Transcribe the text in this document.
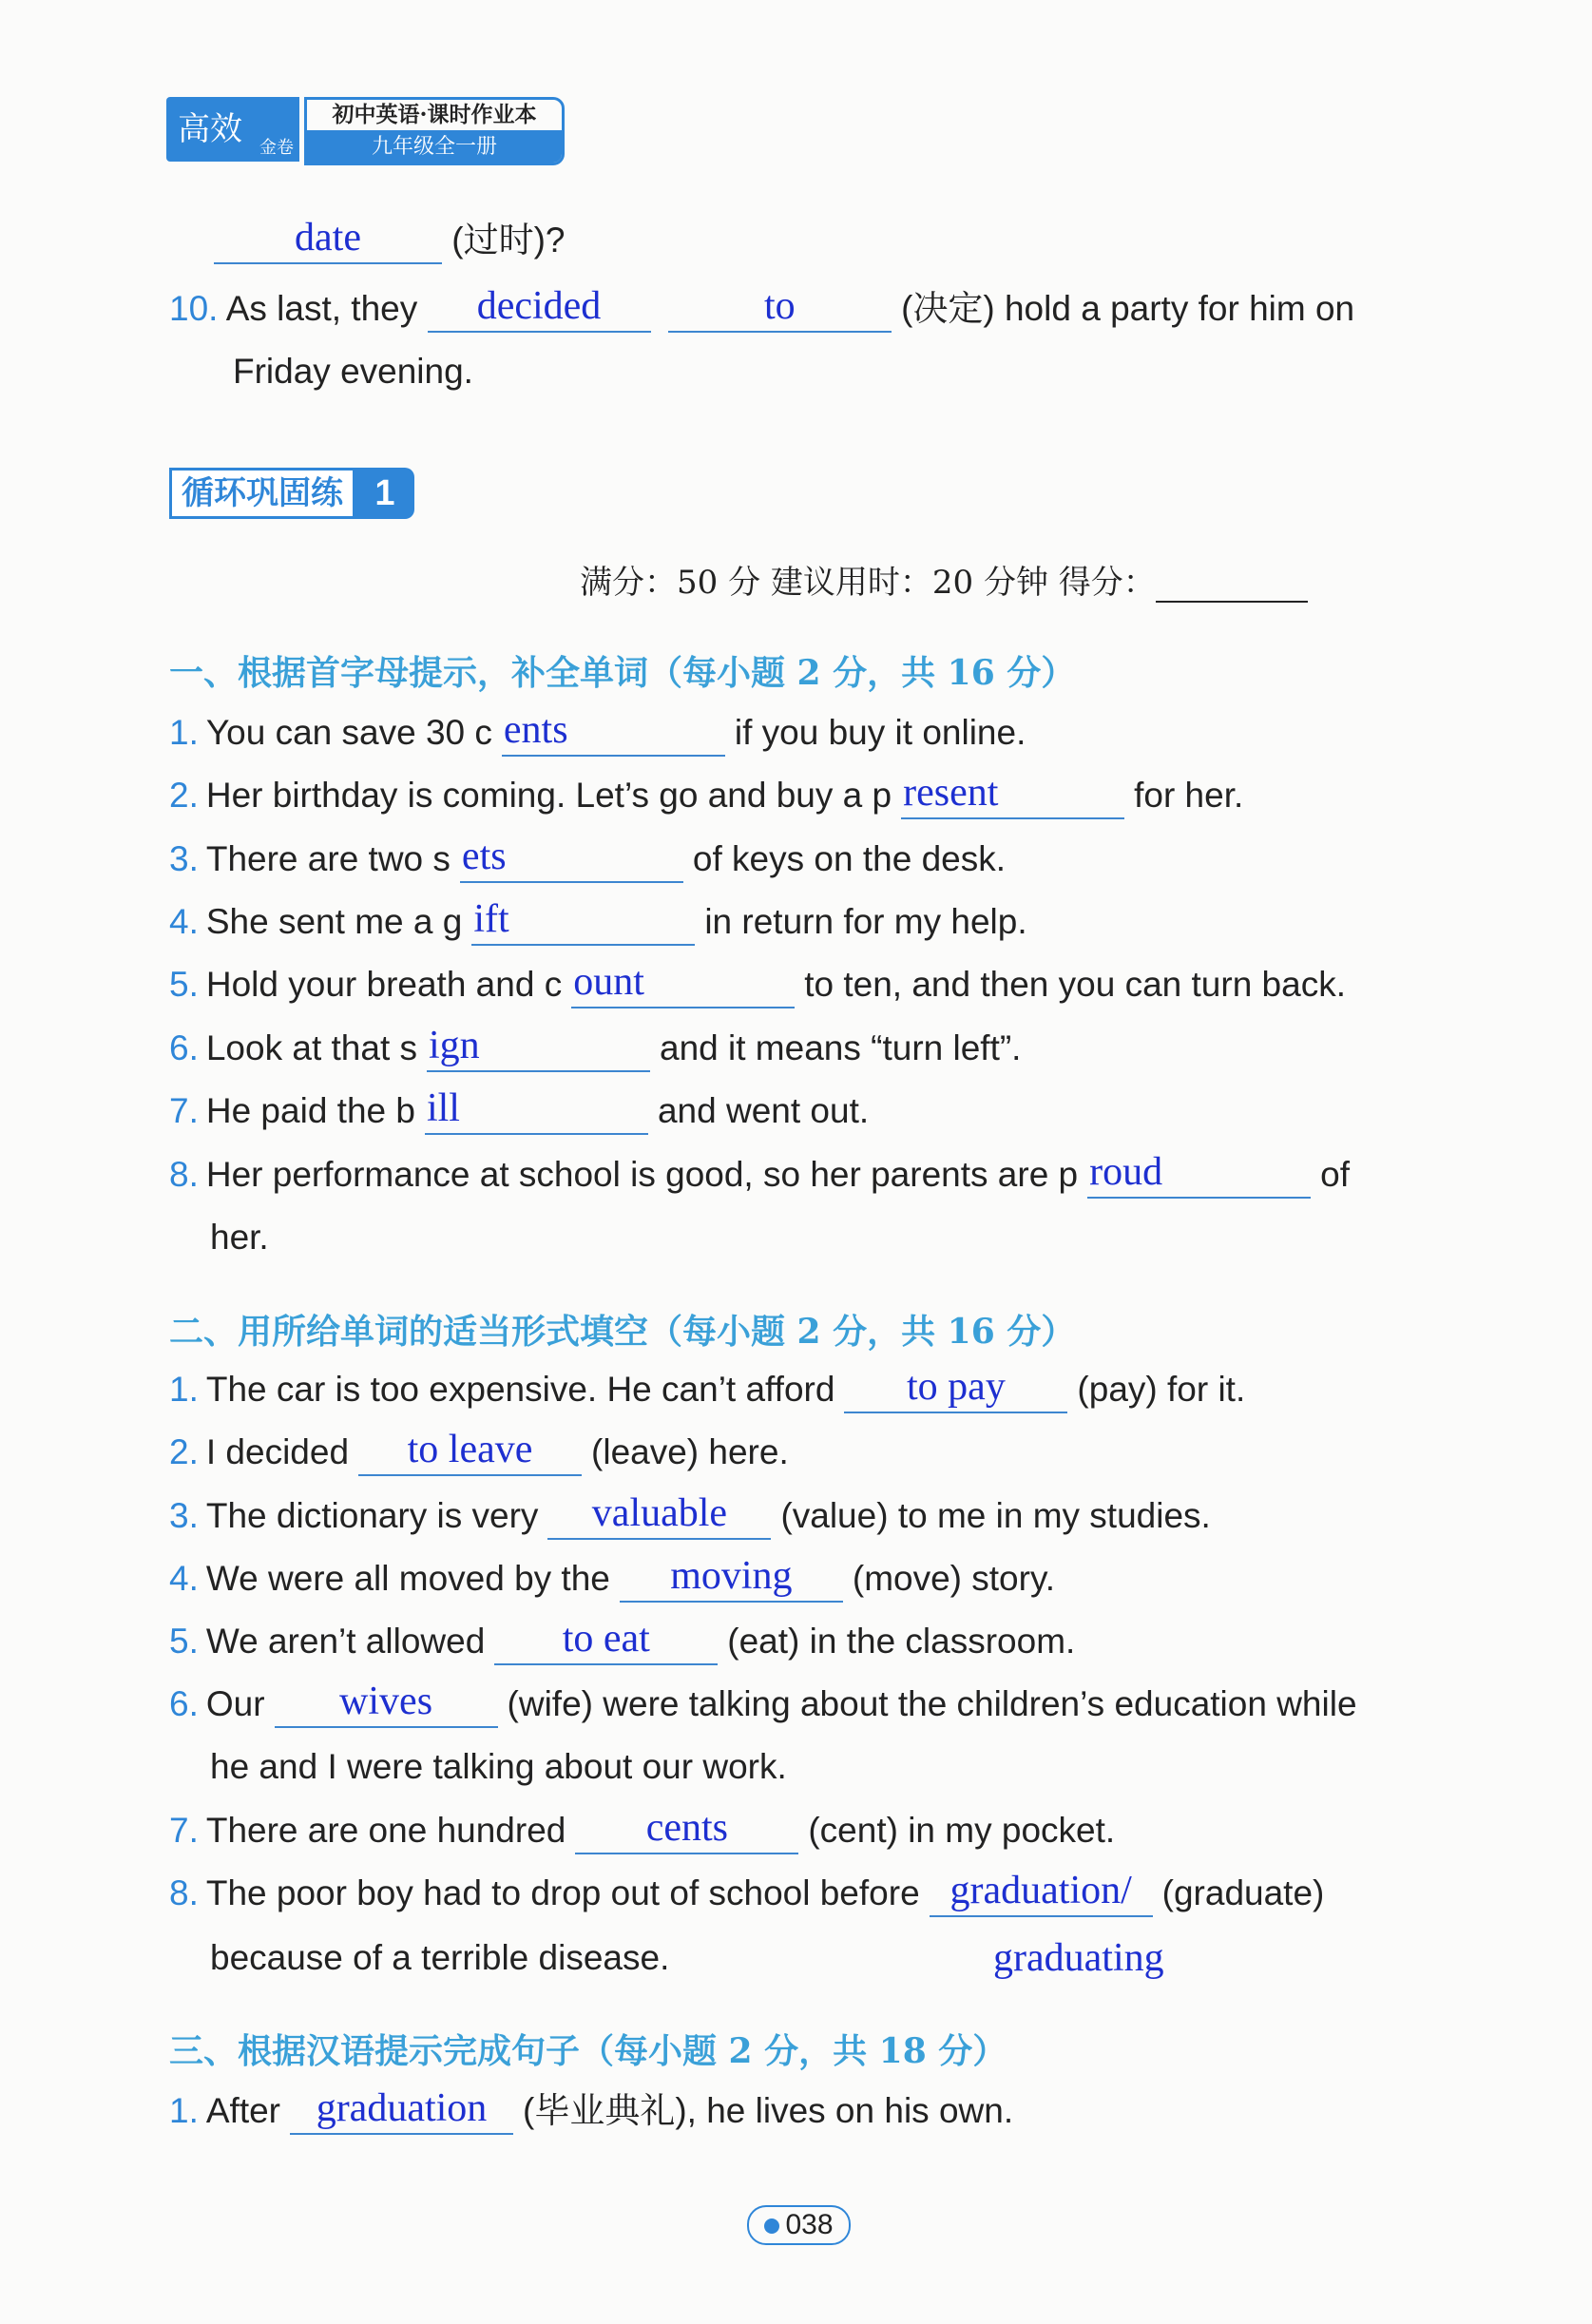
高效 金卷
初中英语·课时作业本
九年级全一册
date	(过时)?
10. As last, they	decided
	to	(决定) hold a party for him on
Friday evening.
循环巩固练 1
满分：50 分 建议用时：20 分钟 得分：
一、根据首字母提示，补全单词（每小题 2 分，共 16 分）
1. You can save 30 c ents	if you buy it online.
2. Her birthday is coming. Let’s go and buy a p resent	for her.
3. There are two s ets	of keys on the desk.
4. She sent me a g ift	in return for my help.
5. Hold your breath and c ount	to ten, and then you can turn back.
6. Look at that s ign	and it means “turn left”.
7. He paid the b ill	and went out.
8. Her performance at school is good, so her parents are p roud	of
her.
二、用所给单词的适当形式填空（每小题 2 分，共 16 分）
1. The car is too expensive. He can’t afford	to pay	(pay) for it.
2. I decided	to leave	(leave) here.
3. The dictionary is very	valuable	(value) to me in my studies.
4. We were all moved by the	moving	(move) story.
5. We aren’t allowed	to eat	(eat) in the classroom.
6. Our	wives	(wife) were talking about the children’s education while
he and I were talking about our work.
7. There are one hundred	cents	(cent) in my pocket.
8. The poor boy had to drop out of school before graduation/ (graduate)
because of a terrible disease.	graduating
三、根据汉语提示完成句子（每小题 2 分，共 18 分）
1. After graduation	(毕业典礼), he lives on his own.
038
